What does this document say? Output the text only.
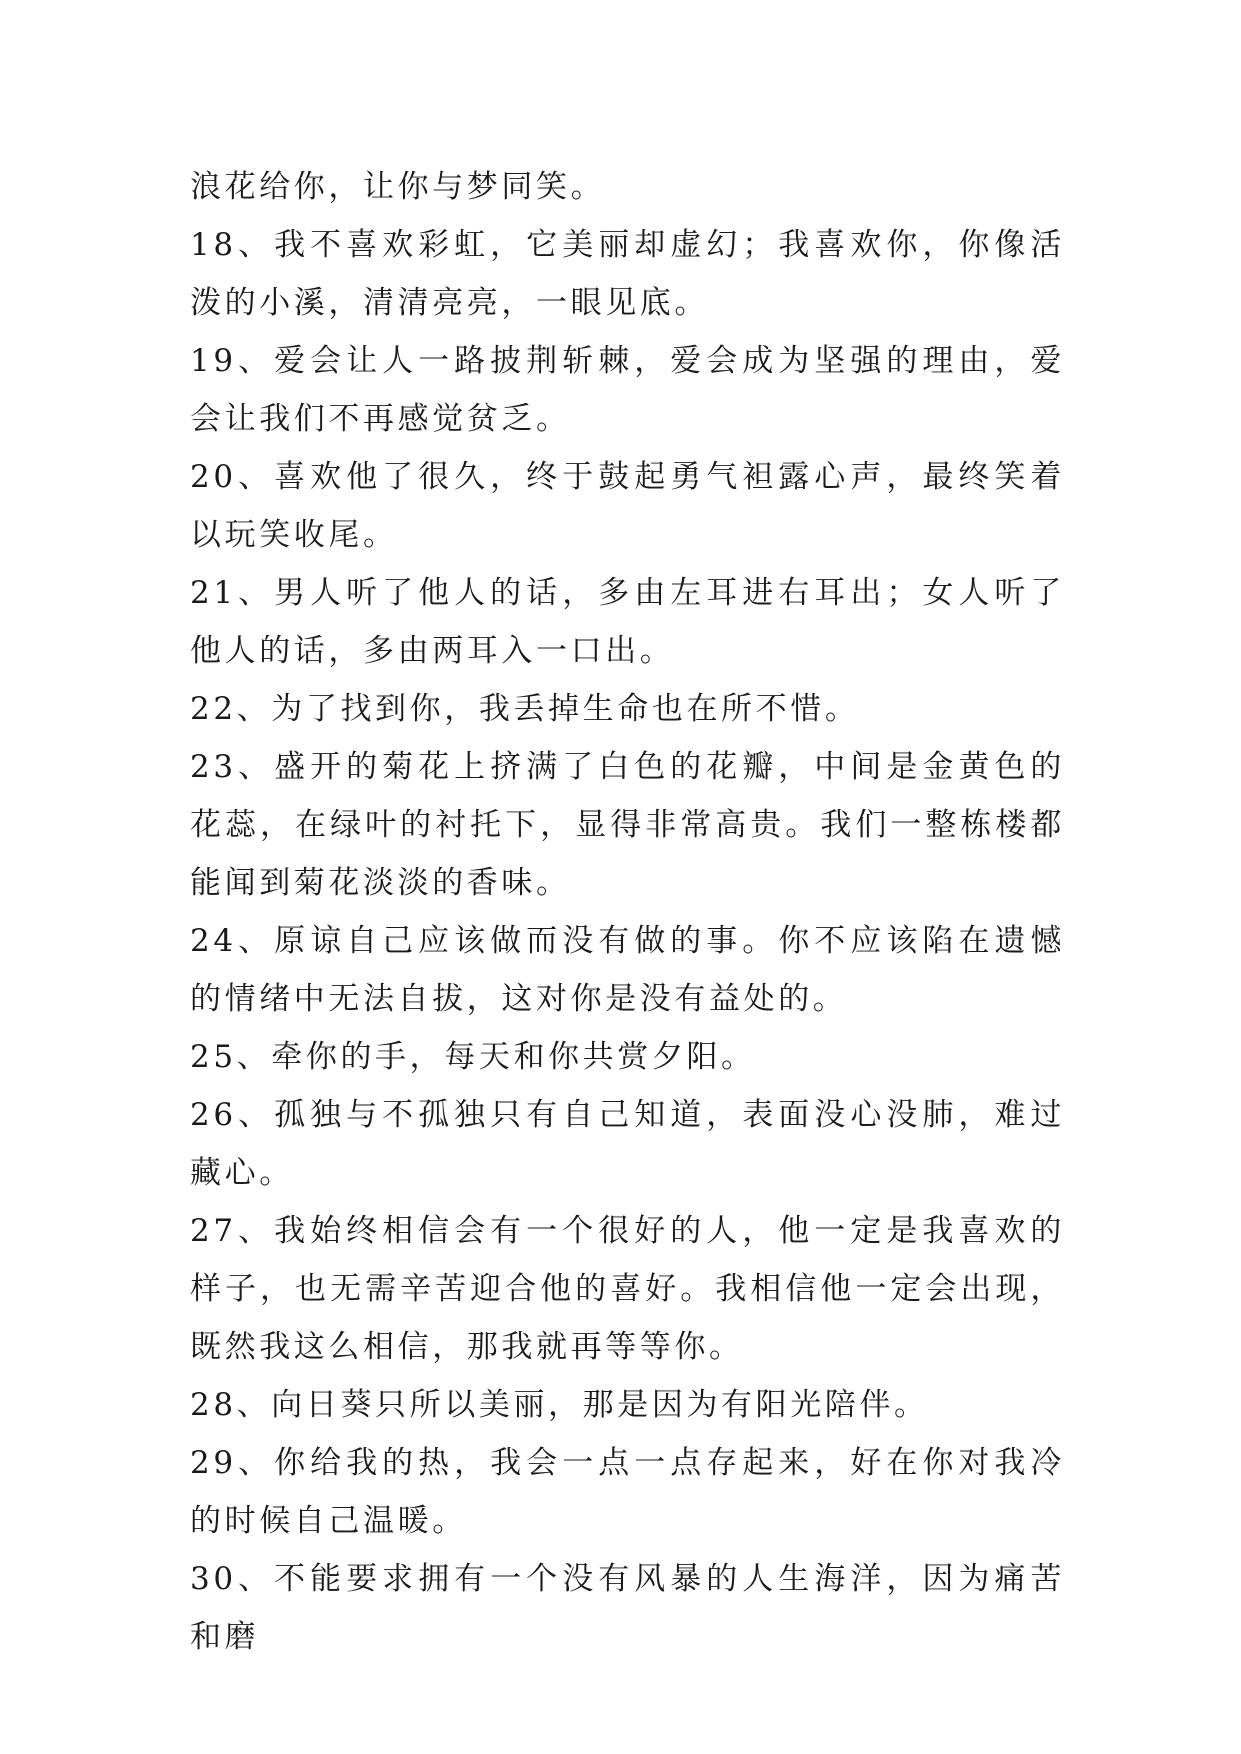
浪花给你，让你与梦同笑。

18、我不喜欢彩虹，它美丽却虚幻；我喜欢你，你像活泼的小溪，清清亮亮，一眼见底。

19、爱会让人一路披荆斩棘，爱会成为坚强的理由，爱会让我们不再感觉贫乏。

20、喜欢他了很久，终于鼓起勇气袒露心声，最终笑着以玩笑收尾。

21、男人听了他人的话，多由左耳进右耳出；女人听了他人的话，多由两耳入一口出。

22、为了找到你，我丢掉生命也在所不惜。

23、盛开的菊花上挤满了白色的花瓣，中间是金黄色的花蕊，在绿叶的衬托下，显得非常高贵。我们一整栋楼都能闻到菊花淡淡的香味。

24、原谅自己应该做而没有做的事。你不应该陷在遗憾的情绪中无法自拔，这对你是没有益处的。

25、牵你的手，每天和你共赏夕阳。

26、孤独与不孤独只有自己知道，表面没心没肺，难过藏心。

27、我始终相信会有一个很好的人，他一定是我喜欢的样子，也无需辛苦迎合他的喜好。我相信他一定会出现，既然我这么相信，那我就再等等你。

28、向日葵只所以美丽，那是因为有阳光陪伴。

29、你给我的热，我会一点一点存起来，好在你对我冷的时候自己温暖。

30、不能要求拥有一个没有风暴的人生海洋，因为痛苦和磨
